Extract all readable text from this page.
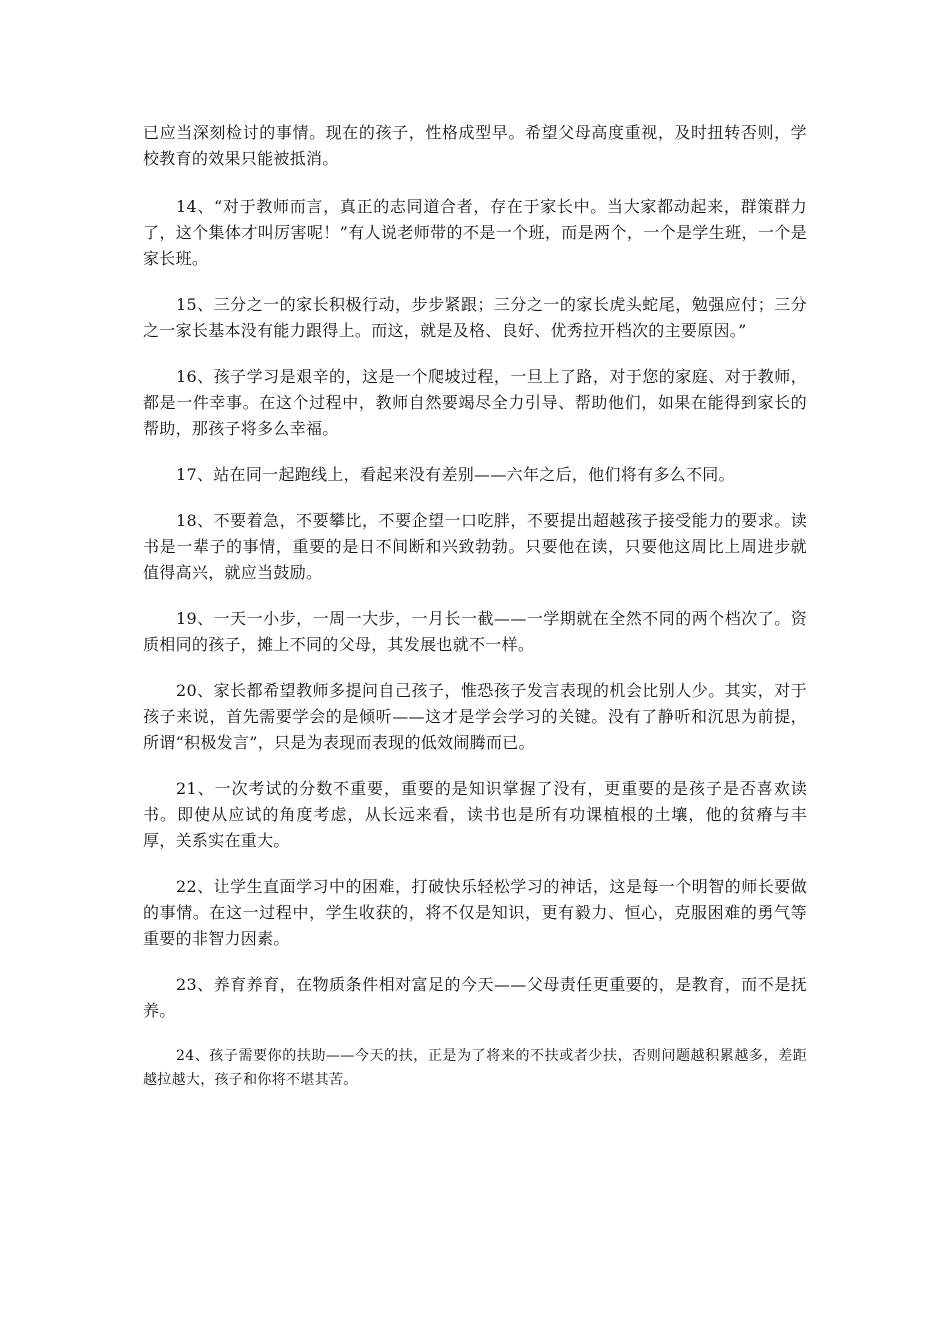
已应当深刻检讨的事情。现在的孩子，性格成型早。希望父母高度重视，及时扭转否则，学校教育的效果只能被抵消。

14、“对于教师而言，真正的志同道合者，存在于家长中。当大家都动起来，群策群力了，这个集体才叫厉害呢！”有人说老师带的不是一个班，而是两个，一个是学生班，一个是家长班。

15、三分之一的家长积极行动，步步紧跟；三分之一的家长虎头蛇尾，勉强应付；三分之一家长基本没有能力跟得上。而这，就是及格、良好、优秀拉开档次的主要原因。”

16、孩子学习是艰辛的，这是一个爬坡过程，一旦上了路，对于您的家庭、对于教师，都是一件幸事。在这个过程中，教师自然要竭尽全力引导、帮助他们，如果在能得到家长的帮助，那孩子将多么幸福。

17、站在同一起跑线上，看起来没有差别——六年之后，他们将有多么不同。

18、不要着急，不要攀比，不要企望一口吃胖，不要提出超越孩子接受能力的要求。读书是一辈子的事情，重要的是日不间断和兴致勃勃。只要他在读，只要他这周比上周进步就值得高兴，就应当鼓励。

19、一天一小步，一周一大步，一月长一截——一学期就在全然不同的两个档次了。资质相同的孩子，摊上不同的父母，其发展也就不一样。

20、家长都希望教师多提问自己孩子，惟恐孩子发言表现的机会比别人少。其实，对于孩子来说，首先需要学会的是倾听——这才是学会学习的关键。没有了静听和沉思为前提，所谓“积极发言”，只是为表现而表现的低效闹腾而已。

21、一次考试的分数不重要，重要的是知识掌握了没有，更重要的是孩子是否喜欢读书。即使从应试的角度考虑，从长远来看，读书也是所有功课植根的土壤，他的贫瘠与丰厚，关系实在重大。

22、让学生直面学习中的困难，打破快乐轻松学习的神话，这是每一个明智的师长要做的事情。在这一过程中，学生收获的，将不仅是知识，更有毅力、恒心，克服困难的勇气等重要的非智力因素。

23、养育养育，在物质条件相对富足的今天——父母责任更重要的，是教育，而不是抚养。

24、孩子需要你的扶助——今天的扶，正是为了将来的不扶或者少扶，否则问题越积累越多，差距越拉越大，孩子和你将不堪其苦。
